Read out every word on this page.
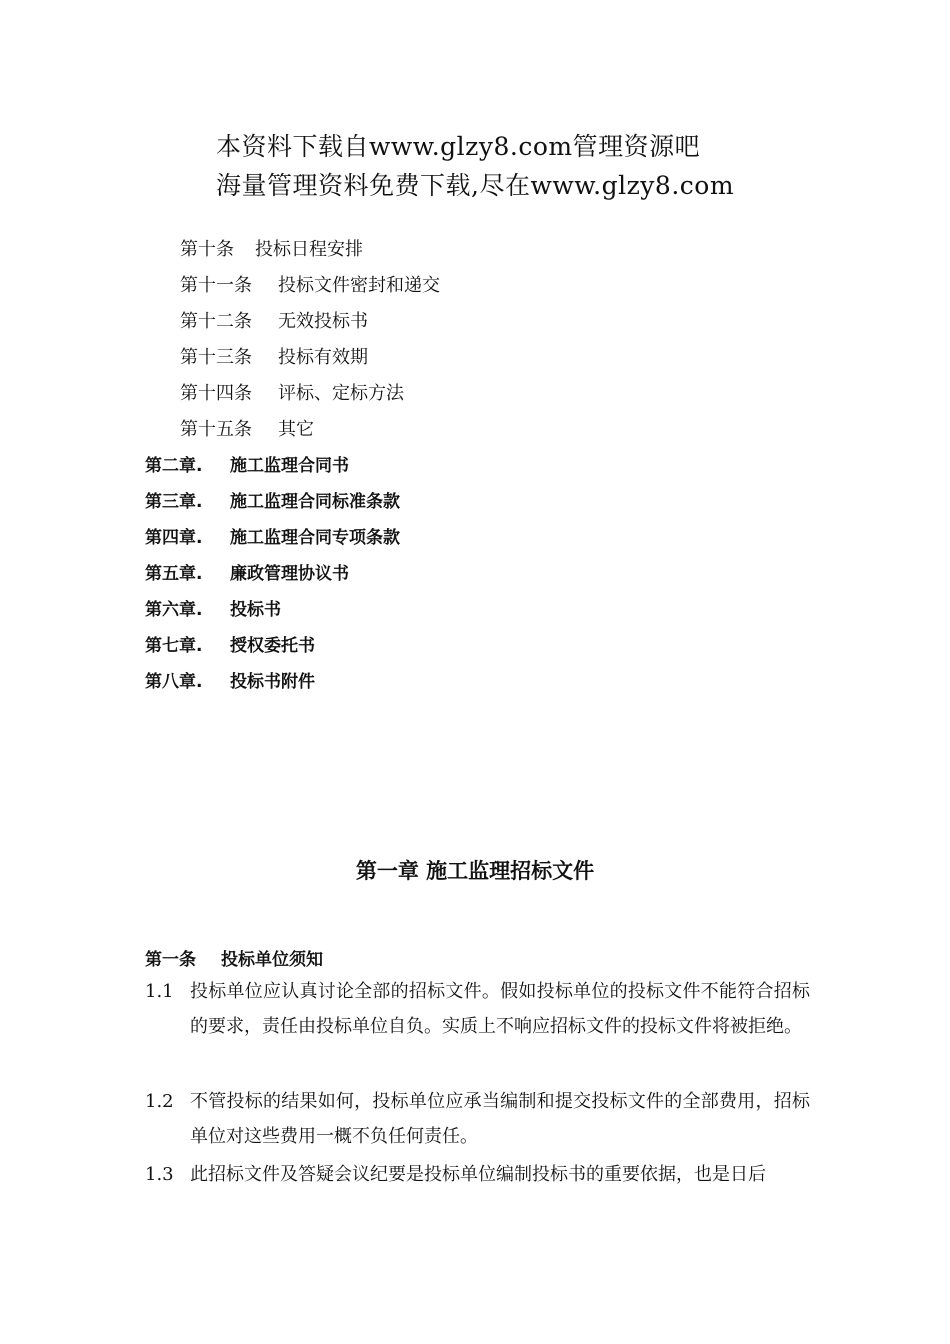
本资料下载自www.glzy8.com管理资源吧
海量管理资料免费下载,尽在www.glzy8.com
第十条 投标日程安排
第十一条 投标文件密封和递交
第十二条 无效投标书
第十三条 投标有效期
第十四条 评标、定标方法
第十五条 其它
第二章. 施工监理合同书
第三章. 施工监理合同标准条款
第四章. 施工监理合同专项条款
第五章. 廉政管理协议书
第六章. 投标书
第七章. 授权委托书
第八章. 投标书附件
第一章 施工监理招标文件
第一条 投标单位须知
1.1 投标单位应认真讨论全部的招标文件。假如投标单位的投标文件不能符合招标的要求，责任由投标单位自负。实质上不响应招标文件的投标文件将被拒绝。
1.2 不管投标的结果如何，投标单位应承当编制和提交投标文件的全部费用，招标单位对这些费用一概不负任何责任。
1.3 此招标文件及答疑会议纪要是投标单位编制投标书的重要依据，也是日后
